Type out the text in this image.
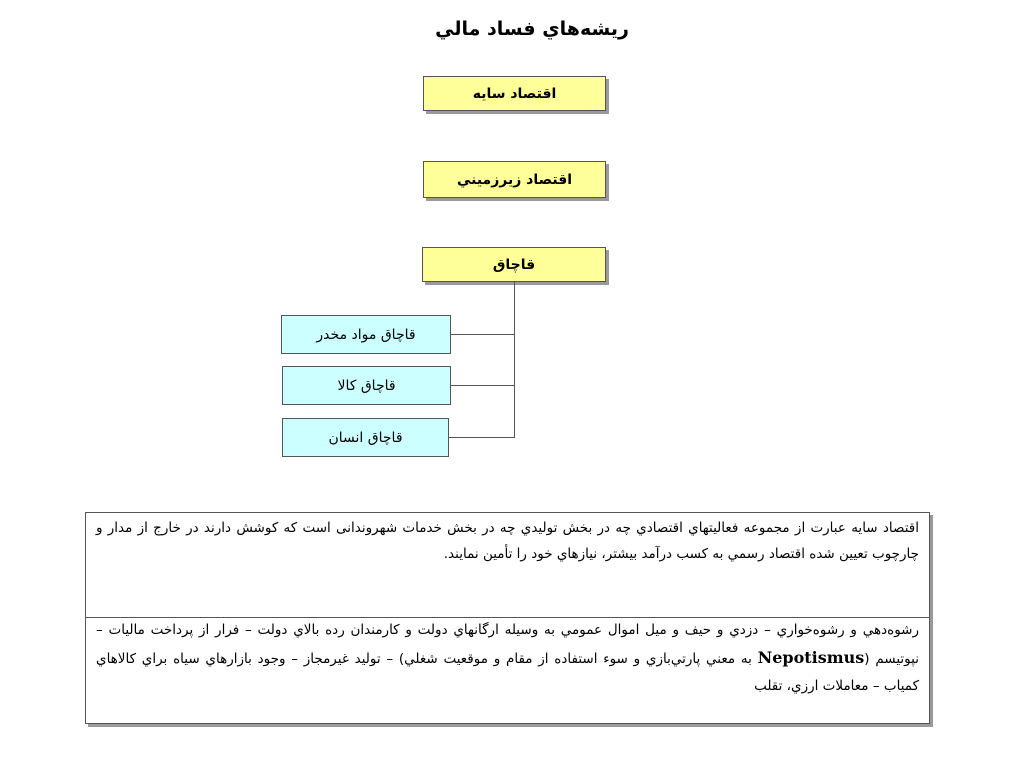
ریشه‌هاي فساد مالي
اقتصاد سايه
اقتصاد زيرزميني
قاچاق
قاچاق مواد مخدر
قاچاق کالا
قاچاق انسان
اقتصاد سايه عبارت از مجموعه فعاليتهاي اقتصادي چه در بخش توليدي چه در بخش خدمات شهروندانی است که کوشش دارند در خارج از مدار و چارچوب تعيين شده اقتصاد رسمي به کسب درآمد بيشتر، نيازهاي خود را تأمين نمايند.
رشوه‌دهي و رشوه‌خواري – دزدي و حيف و ميل اموال عمومي به وسيله ارگانهاي دولت و کارمندان رده بالاي دولت – فرار از پرداخت ماليات – نپوتيسم (Nepotismus به معني پارتي‌بازي و سوء استفاده از مقام و موقعيت شغلي) – توليد غيرمجاز – وجود بازارهاي سياه براي کالاهاي کمياب – معاملات ارزي، تقلب
